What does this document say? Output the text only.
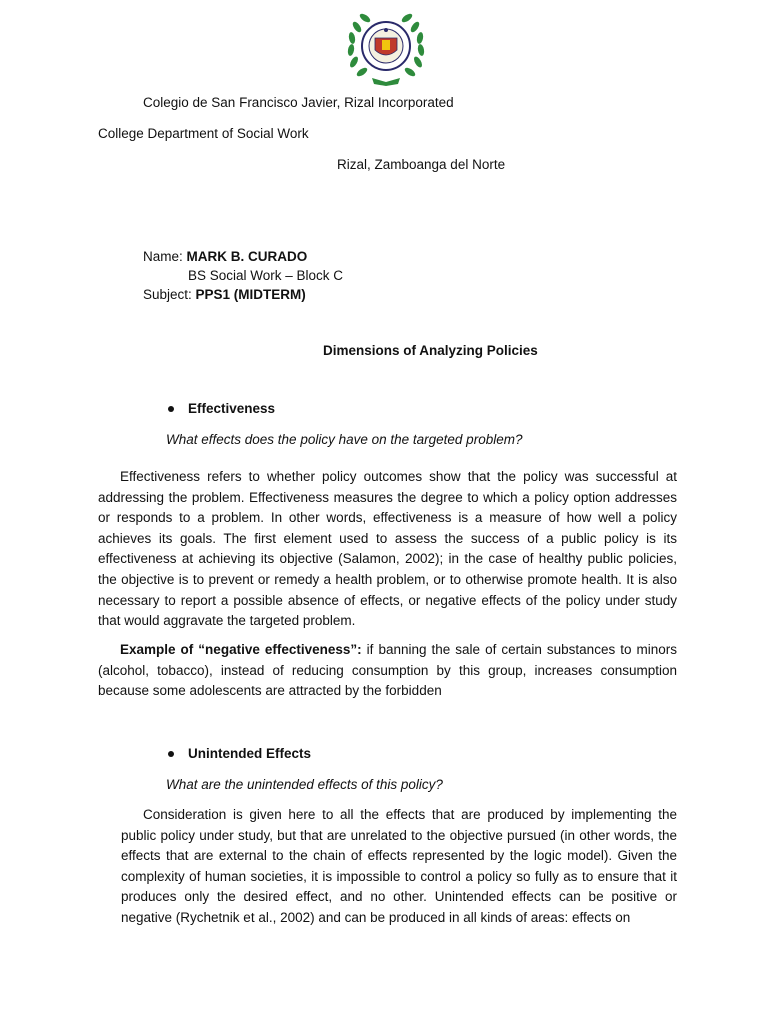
Colegio de San Francisco Javier, Rizal Incorporated
College Department of Social Work
Rizal, Zamboanga del Norte
Name: MARK B. CURADO
BS Social Work – Block C
Subject: PPS1 (MIDTERM)
Dimensions of Analyzing Policies
Effectiveness
What effects does the policy have on the targeted problem?
Effectiveness refers to whether policy outcomes show that the policy was successful at addressing the problem. Effectiveness measures the degree to which a policy option addresses or responds to a problem. In other words, effectiveness is a measure of how well a policy achieves its goals. The first element used to assess the success of a public policy is its effectiveness at achieving its objective (Salamon, 2002); in the case of healthy public policies, the objective is to prevent or remedy a health problem, or to otherwise promote health. It is also necessary to report a possible absence of effects, or negative effects of the policy under study that would aggravate the targeted problem.
Example of “negative effectiveness”: if banning the sale of certain substances to minors (alcohol, tobacco), instead of reducing consumption by this group, increases consumption because some adolescents are attracted by the forbidden
Unintended Effects
What are the unintended effects of this policy?
Consideration is given here to all the effects that are produced by implementing the public policy under study, but that are unrelated to the objective pursued (in other words, the effects that are external to the chain of effects represented by the logic model). Given the complexity of human societies, it is impossible to control a policy so fully as to ensure that it produces only the desired effect, and no other. Unintended effects can be positive or negative (Rychetnik et al., 2002) and can be produced in all kinds of areas: effects on
